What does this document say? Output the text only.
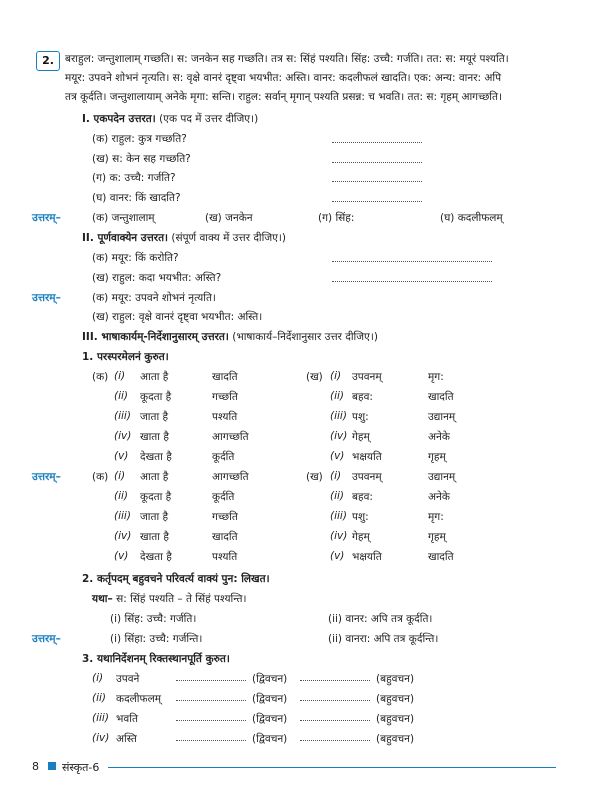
2.	बराहुल: जन्तुशालाम् गच्छति। स: जनकेन सह गच्छति। तत्र स: सिंहं पश्यति। सिंह: उच्चै: गर्जति। तत: स: मयूरं पश्यति।
मयूर: उपवने शोभनं नृत्यति। स: वृक्षे वानरं दृष्ट्वा भयभीत: अस्ति। वानर: कदलीफलं खादति। एक: अन्य: वानर: अपि
तत्र कूर्दति। जन्तुशालायाम् अनेके मृगा: सन्ति। राहुल: सर्वान् मृगान् पश्यति प्रसन्न: च भवति। तत: स: गृहम् आगच्छति।
I. एकपदेन उत्तरत। (एक पद में उत्तर दीजिए।)
(क) राहुल: कुत्र गच्छति?
(ख) स: केन सह गच्छति?
(ग) क: उच्चै: गर्जति?
(घ) वानर: किं खादति?
उत्तरम्–	(क) जन्तुशालाम्	(ख) जनकेन	(ग) सिंह:	(घ) कदलीफलम्
II. पूर्णवाक्येन उत्तरत। (संपूर्ण वाक्य में उत्तर दीजिए।)
(क) मयूर: किं करोति?
(ख) राहुल: कदा भयभीत: अस्ति?
उत्तरम्–	(क) मयूर: उपवने शोभनं नृत्यति।
(ख) राहुल: वृक्षे वानरं दृष्ट्वा भयभीत: अस्ति।
III. भाषाकार्यम्-निर्देशानुसारम् उत्तरत। (भाषाकार्य–निर्देशानुसार उत्तर दीजिए।)
1. परस्परमेलनं कुरुत।
(क)	(ख)
(i) आता है	खादति	(i) उपवनम्	मृग:
(ii) कूदता है	गच्छति	(ii) बहव:	खादति
(iii) जाता है	पश्यति	(iii) पशु:	उद्यानम्
(iv) खाता है	आगच्छति	(iv) गेहम्	अनेके
(v) देखता है	कूर्दति	(v) भक्षयति	गृहम्
उत्तरम्–	(क)	(ख)
(i) आता है	आगच्छति	(i) उपवनम्	उद्यानम्
(ii) कूदता है	कूर्दति	(ii) बहव:	अनेके
(iii) जाता है	गच्छति	(iii) पशु:	मृग:
(iv) खाता है	खादति	(iv) गेहम्	गृहम्
(v) देखता है	पश्यति	(v) भक्षयति	खादति
2. कर्तृपदम् बहुवचने परिवर्त्य वाक्यं पुन: लिखत।
यथा– स: सिंहं पश्यति – ते सिंहं पश्यन्ति।
(i) सिंह: उच्चै: गर्जति।	(ii) वानर: अपि तत्र कूर्दति।
उत्तरम्–	(i) सिंहा: उच्चै: गर्जन्ति।	(ii) वानरा: अपि तत्र कूर्दन्ति।
3. यथानिर्देशनम् रिक्तस्थानपूर्ति कुरुत।
(i) उपवने	(द्विवचन)	(बहुवचन)
(ii) कदलीफलम्	(द्विवचन)	(बहुवचन)
(iii) भवति	(द्विवचन)	(बहुवचन)
(iv) अस्ति	(द्विवचन)	(बहुवचन)
8 संस्कृत-6
